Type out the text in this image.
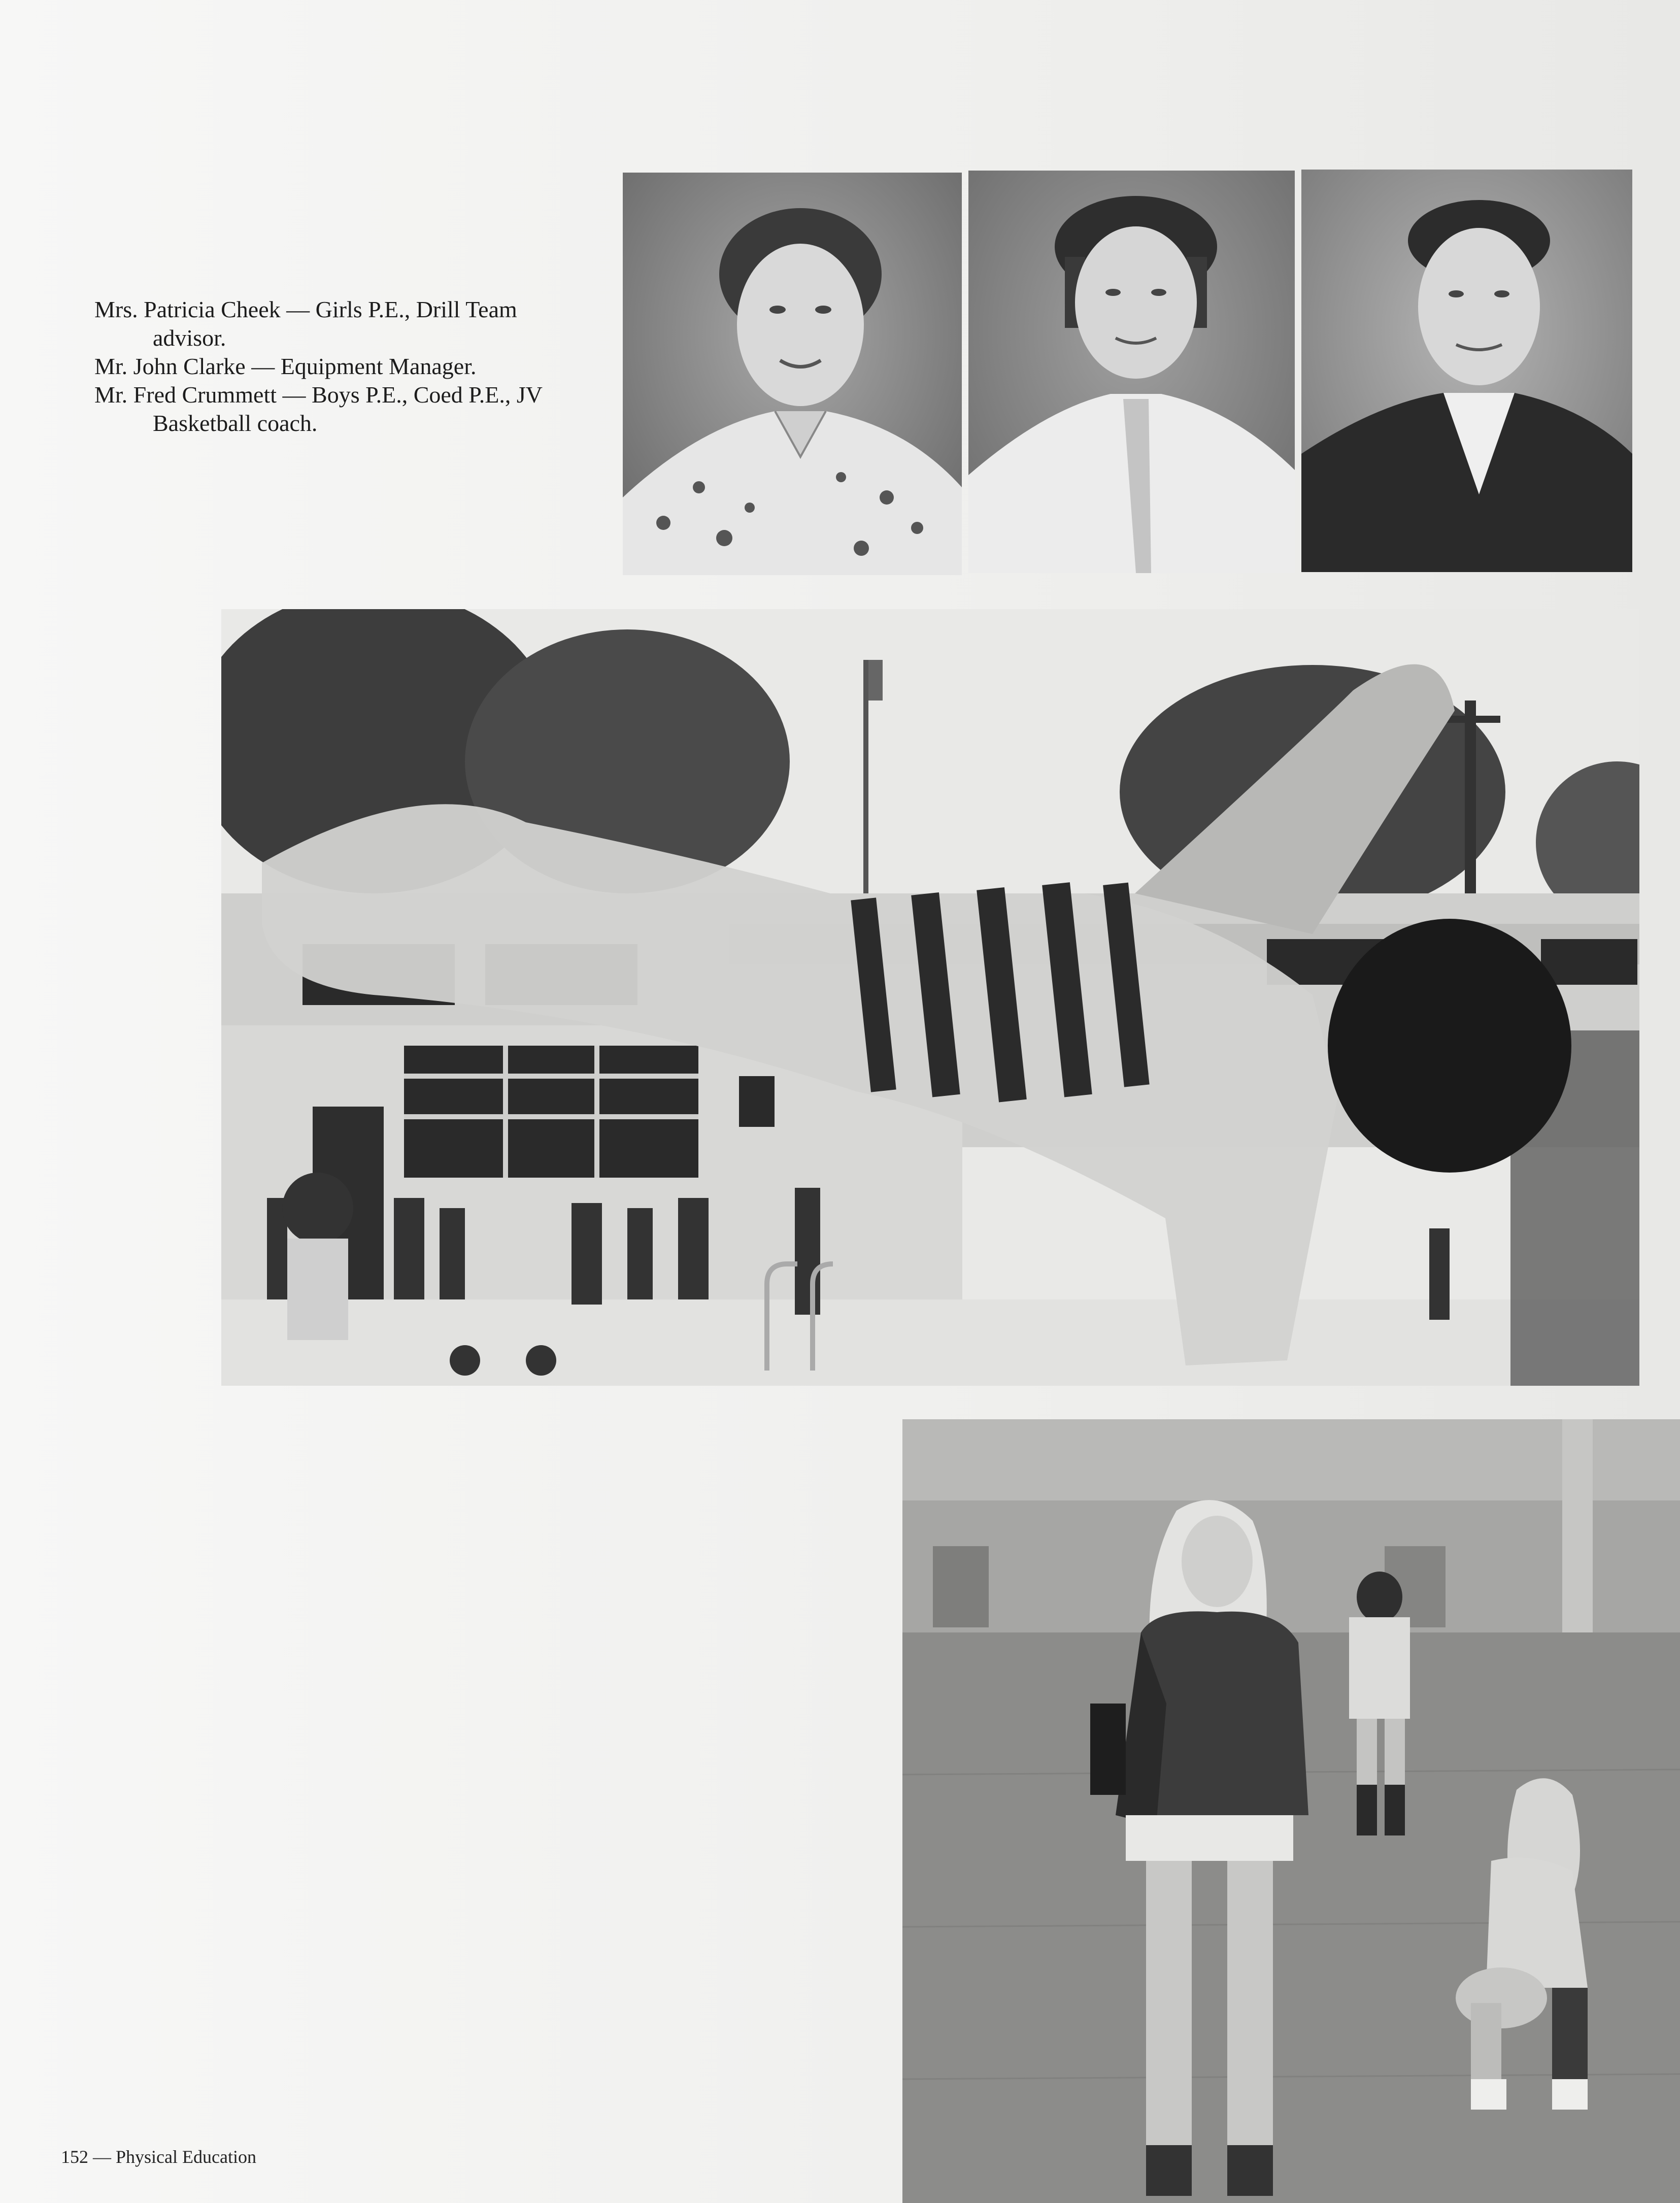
Mrs. Patricia Cheek — Girls P.E., Drill Team
advisor.
Mr. John Clarke — Equipment Manager.
Mr. Fred Crummett — Boys P.E., Coed P.E., JV
Basketball coach.
152 — Physical Education
